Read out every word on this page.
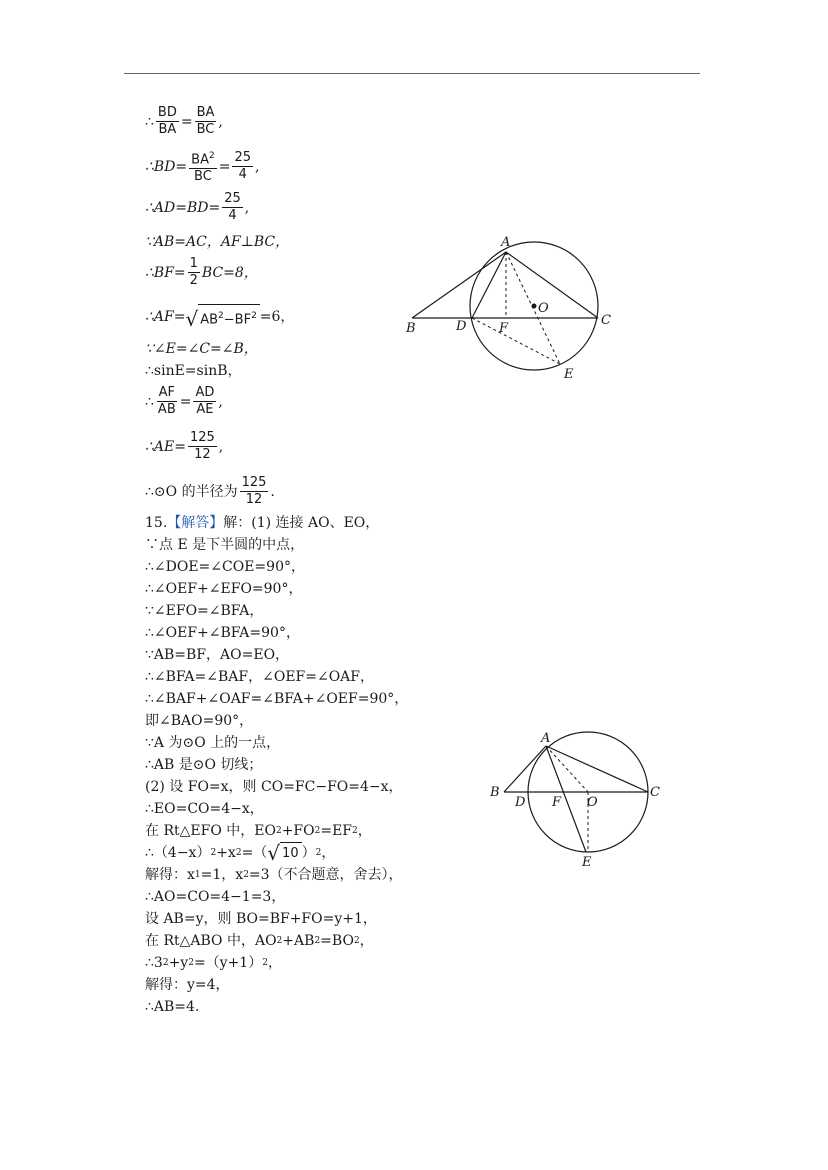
∴ $\frac{BD}{BA} = \frac{BA}{BC}$ ,
∴BD= $\frac{BA^2}{BC} = \frac{25}{4}$ ,
∴AD=BD= $\frac{25}{4}$ ,
∵AB=AC，AF⊥BC，
∴BF= $\frac{1}{2} BC=8$，
∴AF= √ $AB^2-BF^2 =6$，
∵∠E=∠C=∠B，
∴sinE=sinB，
∴ $\frac{AF}{AB} = \frac{AD}{AE}$ ,
∴AE= $\frac{125}{12}$ ,
∴⊙O 的半径为 $\frac{125}{12}$ .
15. 【解答】 解：(1) 连接 AO、EO，
∵点 E 是下半圆的中点，
∴∠DOE=∠COE=90°，
∴∠OEF+∠EFO=90°，
∵∠EFO=∠BFA，
∴∠OEF+∠BFA=90°，
∵AB=BF，AO=EO，
∴∠BFA=∠BAF，∠OEF=∠OAF，
∴∠BAF+∠OAF=∠BFA+∠OEF=90°，
即∠BAO=90°，
∵A 为⊙O 上的一点，
∴AB 是⊙O 切线；
(2) 设 FO=x，则 CO=FC−FO=4−x，
∴EO=CO=4−x，
在 Rt△EFO 中，EO 2 +FO 2 =EF 2 ，
∴（4−x） 2 +x 2 =（ √ 10 ） 2 ，
解得：x 1 =1，x 2 =3（不合题意，舍去），
∴AO=CO=4−1=3，
设 AB=y，则 BO=BF+FO=y+1，
在 Rt△ABO 中，AO 2 +AB 2 =BO 2 ，
∴3 2 +y 2 =（y+1） 2 ，
解得：y=4，
∴AB=4.
A
B
C
D	F
O
E
A
B	C
D F O
E
